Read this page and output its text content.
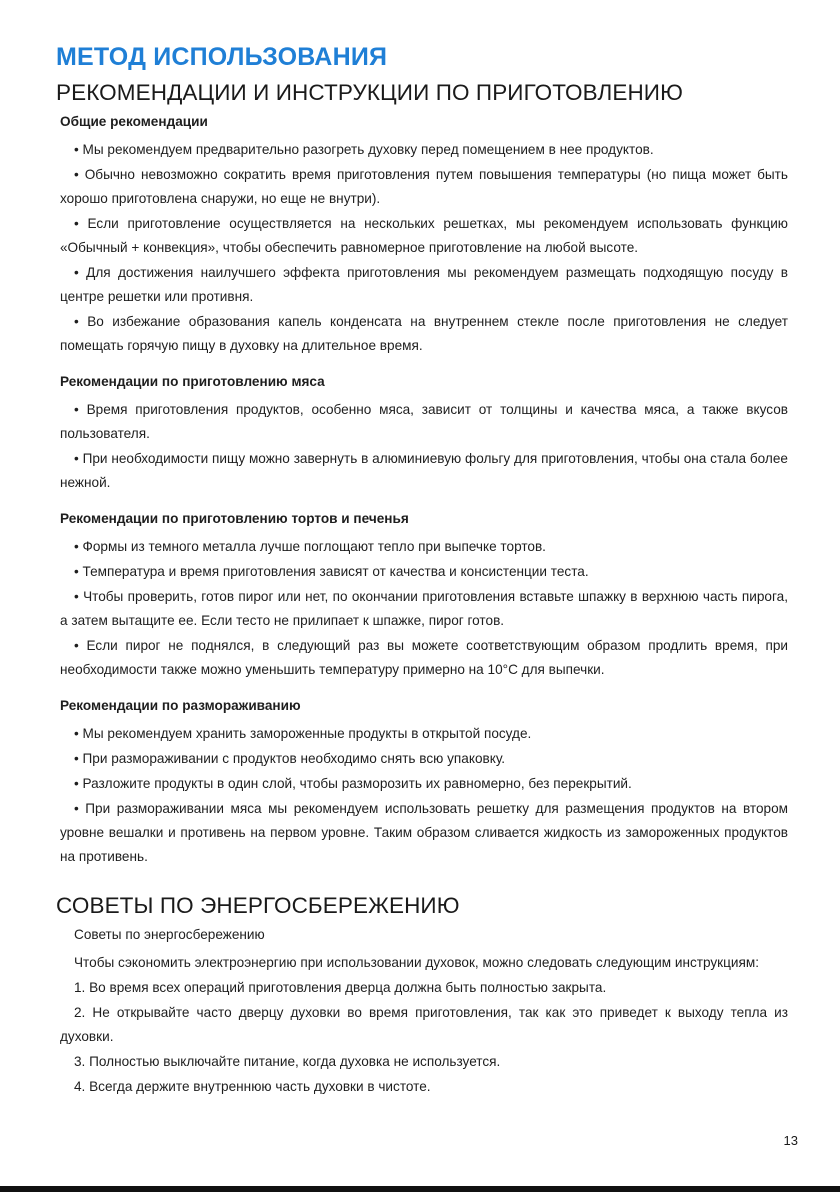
МЕТОД ИСПОЛЬЗОВАНИЯ
РЕКОМЕНДАЦИИ И ИНСТРУКЦИИ ПО ПРИГОТОВЛЕНИЮ
Общие рекомендации

• Мы рекомендуем предварительно разогреть духовку перед помещением в нее продуктов.

• Обычно невозможно сократить время приготовления путем повышения температуры (но пища может быть хорошо приготовлена снаружи, но еще не внутри).

• Если приготовление осуществляется на нескольких решетках, мы рекомендуем использовать функцию «Обычный + конвекция», чтобы обеспечить равномерное приготовление на любой высоте.

• Для достижения наилучшего эффекта приготовления мы рекомендуем размещать подходящую посуду в центре решетки или противня.

• Во избежание образования капель конденсата на внутреннем стекле после приготовления не следует помещать горячую пищу в духовку на длительное время.

Рекомендации по приготовлению мяса

• Время приготовления продуктов, особенно мяса, зависит от толщины и качества мяса, а также вкусов пользователя.

• При необходимости пищу можно завернуть в алюминиевую фольгу для приготовления, чтобы она стала более нежной.

Рекомендации по приготовлению тортов и печенья

• Формы из темного металла лучше поглощают тепло при выпечке тортов.

• Температура и время приготовления зависят от качества и консистенции теста.

• Чтобы проверить, готов пирог или нет, по окончании приготовления вставьте шпажку в верхнюю часть пирога, а затем вытащите ее. Если тесто не прилипает к шпажке, пирог готов.

• Если пирог не поднялся, в следующий раз вы можете соответствующим образом продлить время, при необходимости также можно уменьшить температуру примерно на 10°C для выпечки.

Рекомендации по размораживанию

• Мы рекомендуем хранить замороженные продукты в открытой посуде.

• При размораживании с продуктов необходимо снять всю упаковку.

• Разложите продукты в один слой, чтобы разморозить их равномерно, без перекрытий.

• При размораживании мяса мы рекомендуем использовать решетку для размещения продуктов на втором уровне вешалки и противень на первом уровне. Таким образом сливается жидкость из замороженных продуктов на противень.

СОВЕТЫ ПО ЭНЕРГОСБЕРЕЖЕНИЮ
Советы по энергосбережению

Чтобы сэкономить электроэнергию при использовании духовок, можно следовать следующим инструкциям:

1. Во время всех операций приготовления дверца должна быть полностью закрыта.

2. Не открывайте часто дверцу духовки во время приготовления, так как это приведет к выходу тепла из духовки.

3. Полностью выключайте питание, когда духовка не используется.

4. Всегда держите внутреннюю часть духовки в чистоте.

13
